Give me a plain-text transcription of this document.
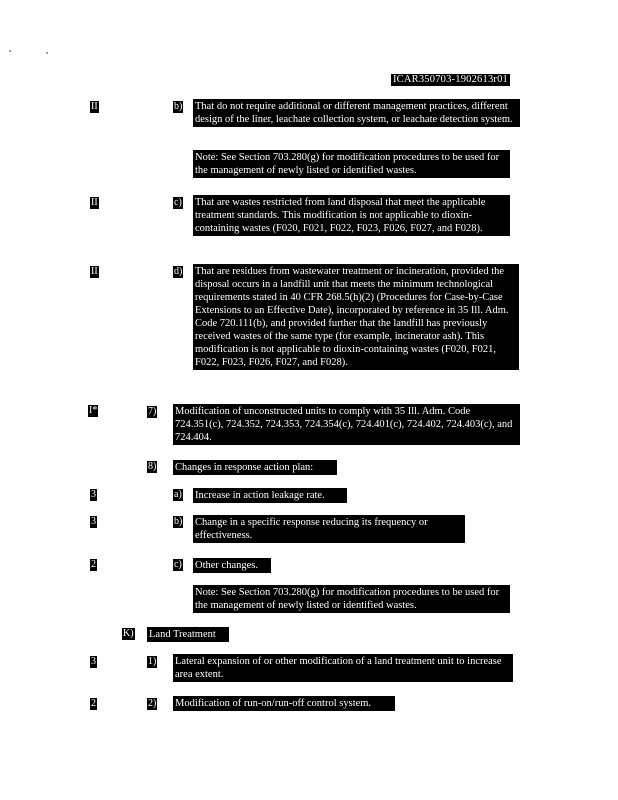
ICAR350703-1902613r01
II	b) That do not require additional or different management practices, different design of the liner, leachate collection system, or leachate detection system.
Note: See Section 703.280(g) for modification procedures to be used for the management of newly listed or identified wastes.
II	c) That are wastes restricted from land disposal that meet the applicable treatment standards. This modification is not applicable to dioxin-containing wastes (F020, F021, F022, F023, F026, F027, and F028).
II	d) That are residues from wastewater treatment or incineration, provided the disposal occurs in a landfill unit that meets the minimum technological requirements stated in 40 CFR 268.5(h)(2) (Procedures for Case-by-Case Extensions to an Effective Date), incorporated by reference in 35 Ill. Adm. Code 720.111(b), and provided further that the landfill has previously received wastes of the same type (for example, incinerator ash). This modification is not applicable to dioxin-containing wastes (F020, F021, F022, F023, F026, F027, and F028).
I*	7) Modification of unconstructed units to comply with 35 Ill. Adm. Code 724.351(c), 724.352, 724.353, 724.354(c), 724.401(c), 724.402, 724.403(c), and 724.404.
8) Changes in response action plan:
3	a) Increase in action leakage rate.
3	b) Change in a specific response reducing its frequency or effectiveness.
2	c) Other changes.
Note: See Section 703.280(g) for modification procedures to be used for the management of newly listed or identified wastes.
K) Land Treatment
3	1) Lateral expansion of or other modification of a land treatment unit to increase area extent.
2	2) Modification of run-on/run-off control system.
